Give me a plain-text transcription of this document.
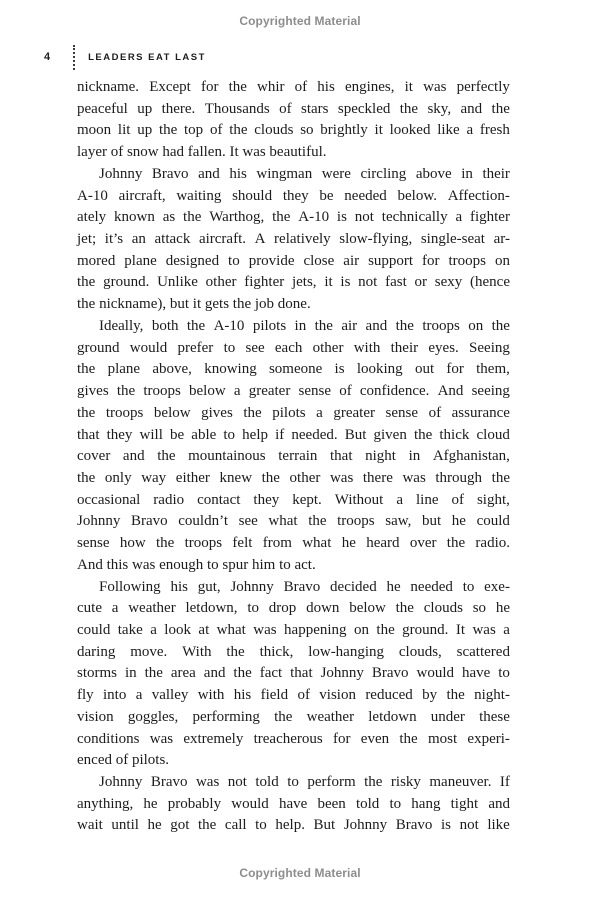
Copyrighted Material
4	LEADERS EAT LAST
nickname. Except for the whir of his engines, it was perfectly
peaceful up there. Thousands of stars speckled the sky, and the
moon lit up the top of the clouds so brightly it looked like a fresh
layer of snow had fallen. It was beautiful.
Johnny Bravo and his wingman were circling above in their
A-10 aircraft, waiting should they be needed below. Affection-
ately known as the Warthog, the A-10 is not technically a fighter
jet; it’s an attack aircraft. A relatively slow-flying, single-seat ar-
mored plane designed to provide close air support for troops on
the ground. Unlike other fighter jets, it is not fast or sexy (hence
the nickname), but it gets the job done.
Ideally, both the A-10 pilots in the air and the troops on the
ground would prefer to see each other with their eyes. Seeing
the plane above, knowing someone is looking out for them,
gives the troops below a greater sense of confidence. And seeing
the troops below gives the pilots a greater sense of assurance
that they will be able to help if needed. But given the thick cloud
cover and the mountainous terrain that night in Afghanistan,
the only way either knew the other was there was through the
occasional radio contact they kept. Without a line of sight,
Johnny Bravo couldn’t see what the troops saw, but he could
sense how the troops felt from what he heard over the radio.
And this was enough to spur him to act.
Following his gut, Johnny Bravo decided he needed to exe-
cute a weather letdown, to drop down below the clouds so he
could take a look at what was happening on the ground. It was a
daring move. With the thick, low-hanging clouds, scattered
storms in the area and the fact that Johnny Bravo would have to
fly into a valley with his field of vision reduced by the night-
vision goggles, performing the weather letdown under these
conditions was extremely treacherous for even the most experi-
enced of pilots.
Johnny Bravo was not told to perform the risky maneuver. If
anything, he probably would have been told to hang tight and
wait until he got the call to help. But Johnny Bravo is not like
Copyrighted Material
